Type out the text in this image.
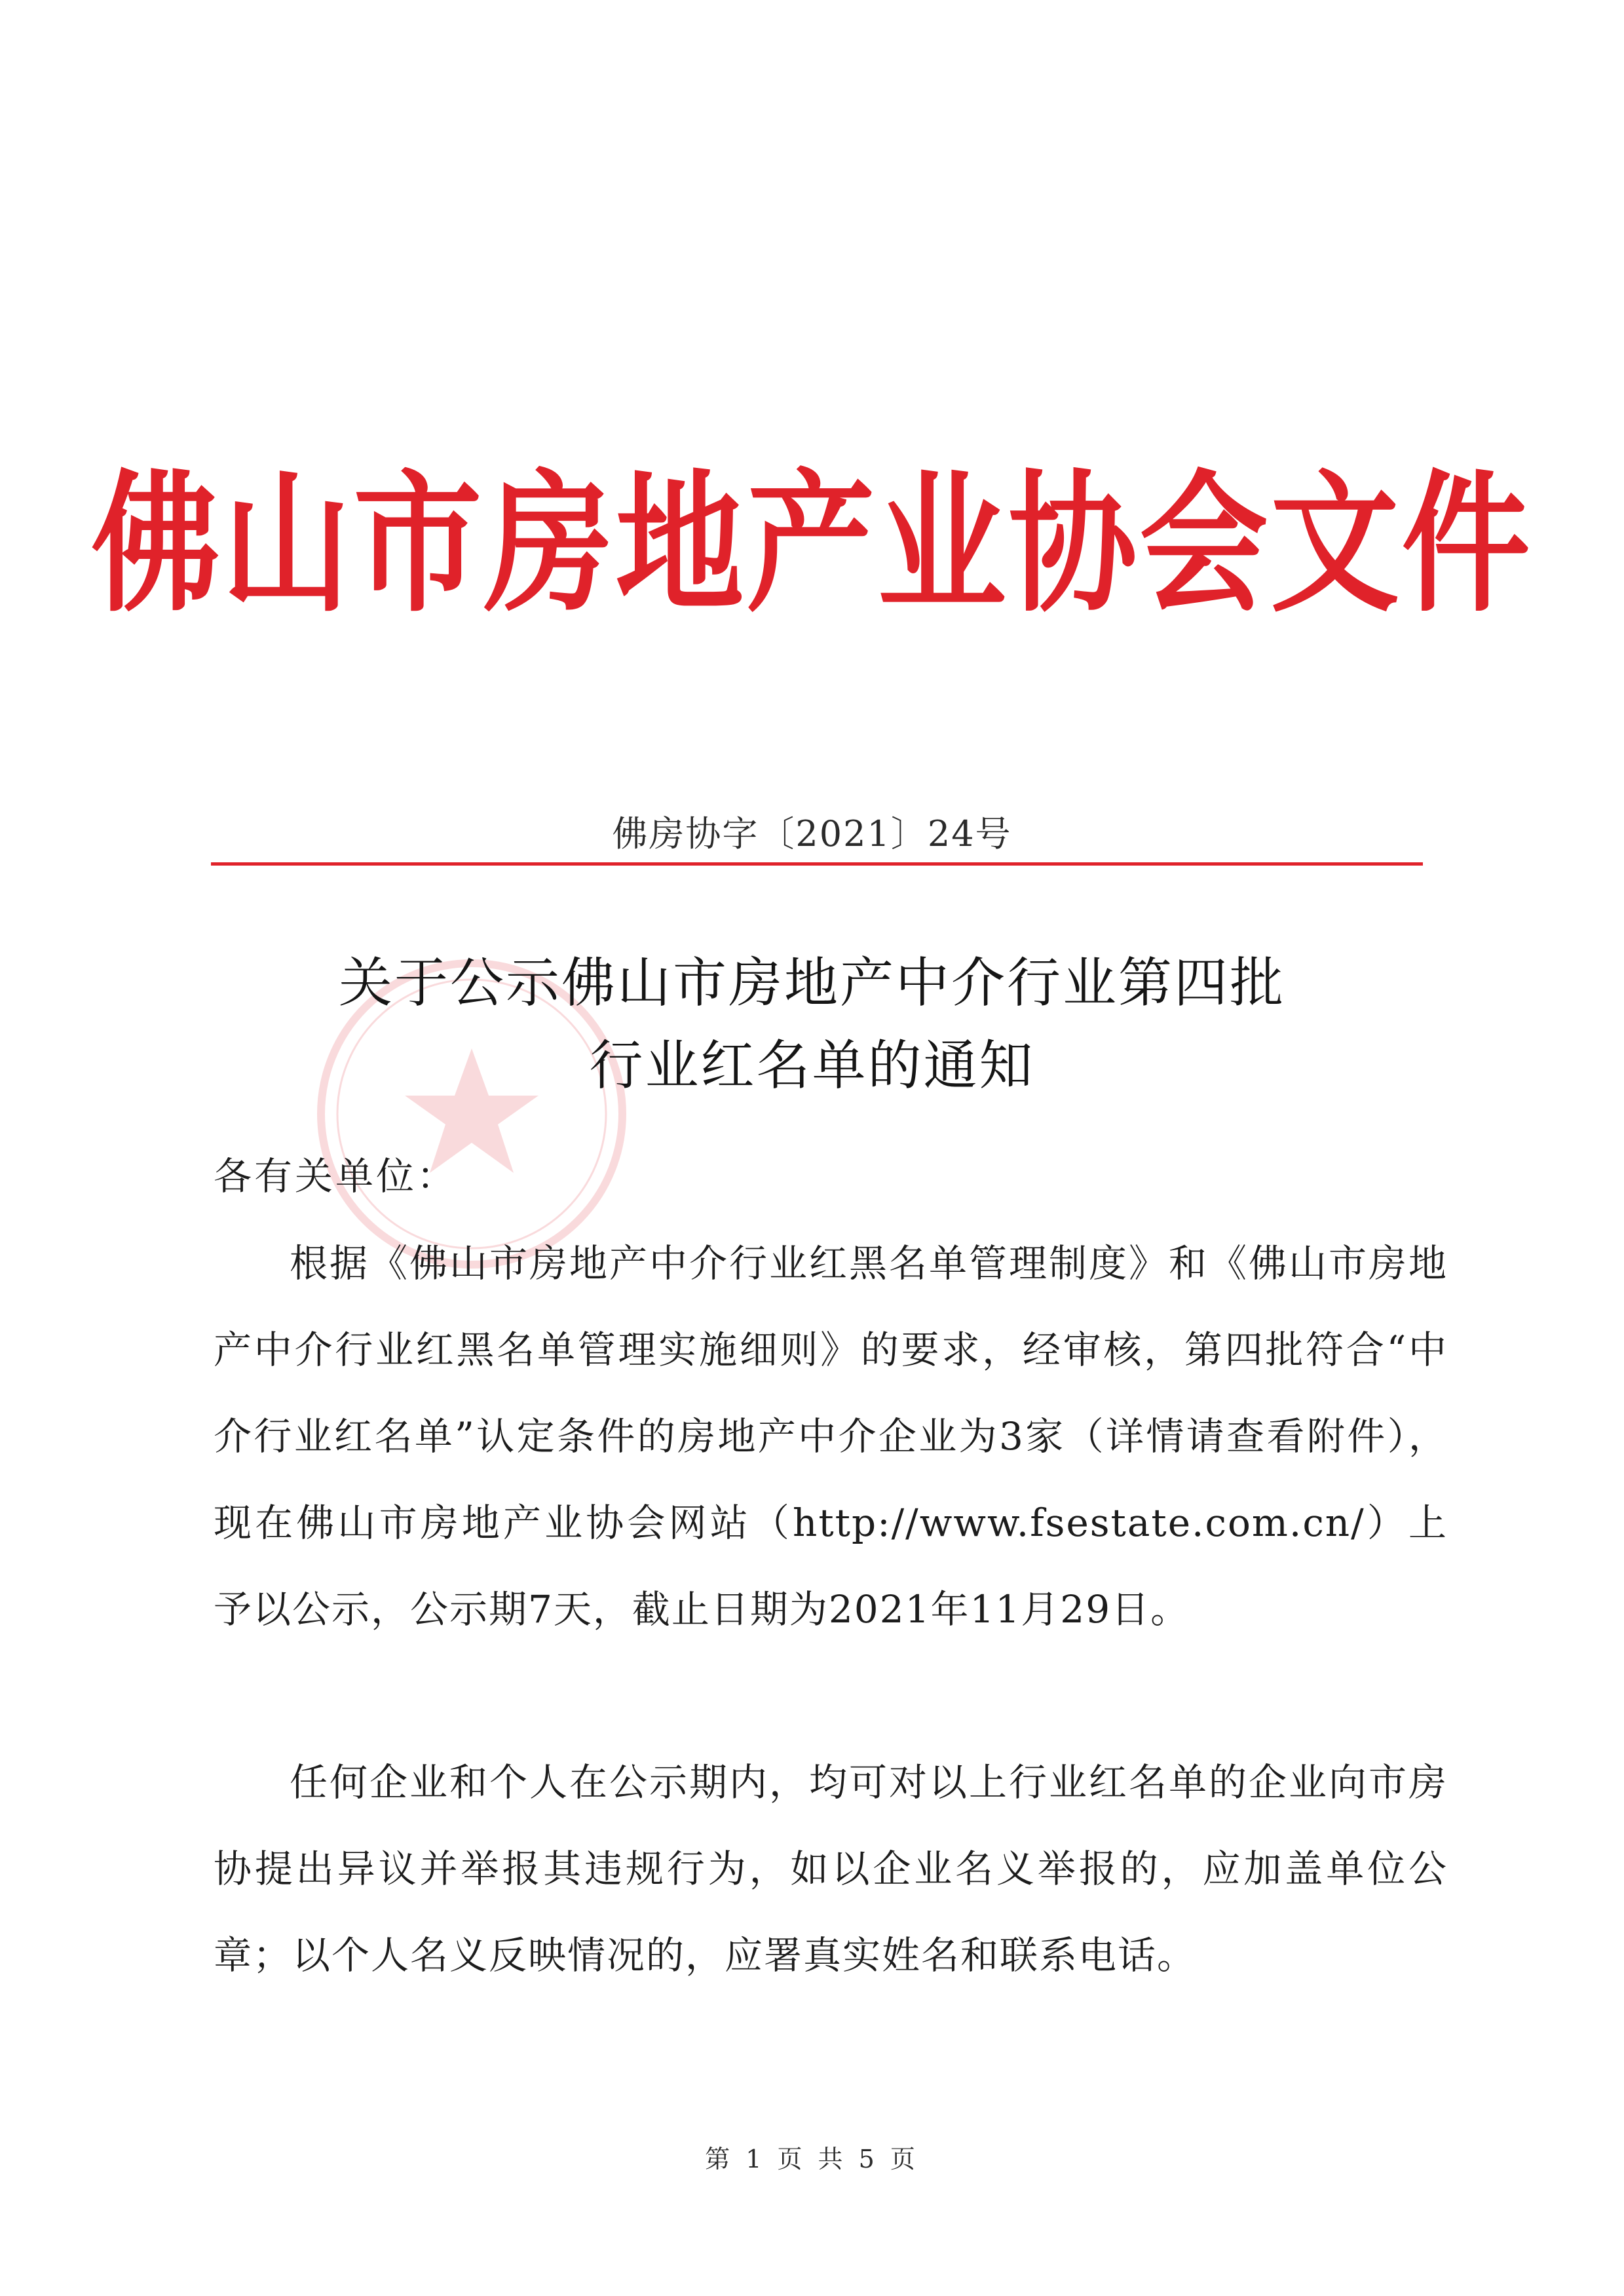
佛山市房地产业协会文件
佛房协字〔2021〕24号
关于公示佛山市房地产中介行业第四批
行业红名单的通知
各有关单位：

根据《佛山市房地产中介行业红黑名单管理制度》和《佛山市房地产中介行业红黑名单管理实施细则》的要求，经审核，第四批符合“中介行业红名单”认定条件的房地产中介企业为3家（详情请查看附件），现在佛山市房地产业协会网站（http://www.fsestate.com.cn/）上予以公示，公示期7天，截止日期为2021年11月29日。

任何企业和个人在公示期内，均可对以上行业红名单的企业向市房协提出异议并举报其违规行为，如以企业名义举报的，应加盖单位公章；以个人名义反映情况的，应署真实姓名和联系电话。

第 1 页 共 5 页
